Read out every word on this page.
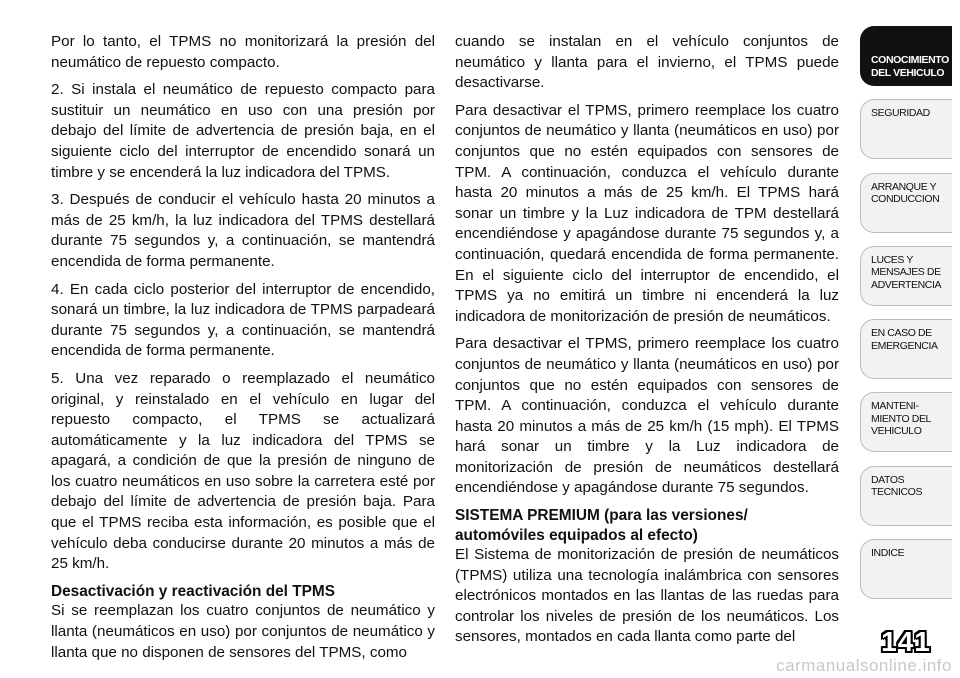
Por lo tanto, el TPMS no monitorizará la presión del neumático de repuesto compacto.

2. Si instala el neumático de repuesto compacto para sustituir un neumático en uso con una presión por debajo del límite de advertencia de presión baja, en el siguiente ciclo del interruptor de encendido sonará un timbre y se encenderá la luz indicadora del TPMS.

3. Después de conducir el vehículo hasta 20 minutos a más de 25 km/h, la luz indicadora del TPMS destellará durante 75 segundos y, a continuación, se mantendrá encendida de forma permanente.

4. En cada ciclo posterior del interruptor de encendido, sonará un timbre, la luz indicadora de TPMS parpadeará durante 75 segundos y, a continuación, se mantendrá encendida de forma permanente.

5. Una vez reparado o reemplazado el neumático original, y reinstalado en el vehículo en lugar del repuesto compacto, el TPMS se actualizará automáticamente y la luz indicadora del TPMS se apagará, a condición de que la presión de ninguno de los cuatro neumáticos en uso sobre la carretera esté por debajo del límite de advertencia de presión baja. Para que el TPMS reciba esta información, es posible que el vehículo deba conducirse durante 20 minutos a más de 25 km/h.

Desactivación y reactivación del TPMS

Si se reemplazan los cuatro conjuntos de neumático y llanta (neumáticos en uso) por conjuntos de neumático y llanta que no disponen de sensores del TPMS, como

cuando se instalan en el vehículo conjuntos de neumático y llanta para el invierno, el TPMS puede desactivarse.

Para desactivar el TPMS, primero reemplace los cuatro conjuntos de neumático y llanta (neumáticos en uso) por conjuntos que no estén equipados con sensores de TPM. A continuación, conduzca el vehículo durante hasta 20 minutos a más de 25 km/h. El TPMS hará sonar un timbre y la Luz indicadora de TPM destellará encendiéndose y apagándose durante 75 segundos y, a continuación, quedará encendida de forma permanente. En el siguiente ciclo del interruptor de encendido, el TPMS ya no emitirá un timbre ni encenderá la luz indicadora de monitorización de presión de neumáticos.

Para desactivar el TPMS, primero reemplace los cuatro conjuntos de neumático y llanta (neumáticos en uso) por conjuntos que no estén equipados con sensores de TPM. A continuación, conduzca el vehículo durante hasta 20 minutos a más de 25 km/h (15 mph). El TPMS hará sonar un timbre y la Luz indicadora de monitorización de presión de neumáticos destellará encendiéndose y apagándose durante 75 segundos.

SISTEMA PREMIUM (para las versiones/ automóviles equipados al efecto)

El Sistema de monitorización de presión de neumáticos (TPMS) utiliza una tecnología inalámbrica con sensores electrónicos montados en las llantas de las ruedas para controlar los niveles de presión de los neumáticos. Los sensores, montados en cada llanta como parte del

CONOCIMIENTO
DEL VEHICULO
SEGURIDAD
ARRANQUE Y
CONDUCCION
LUCES Y
MENSAJES DE
ADVERTENCIA
EN CASO DE
EMERGENCIA
MANTENI-
MIENTO DEL
VEHICULO
DATOS
TECNICOS
INDICE
141
carmanualsonline.info
